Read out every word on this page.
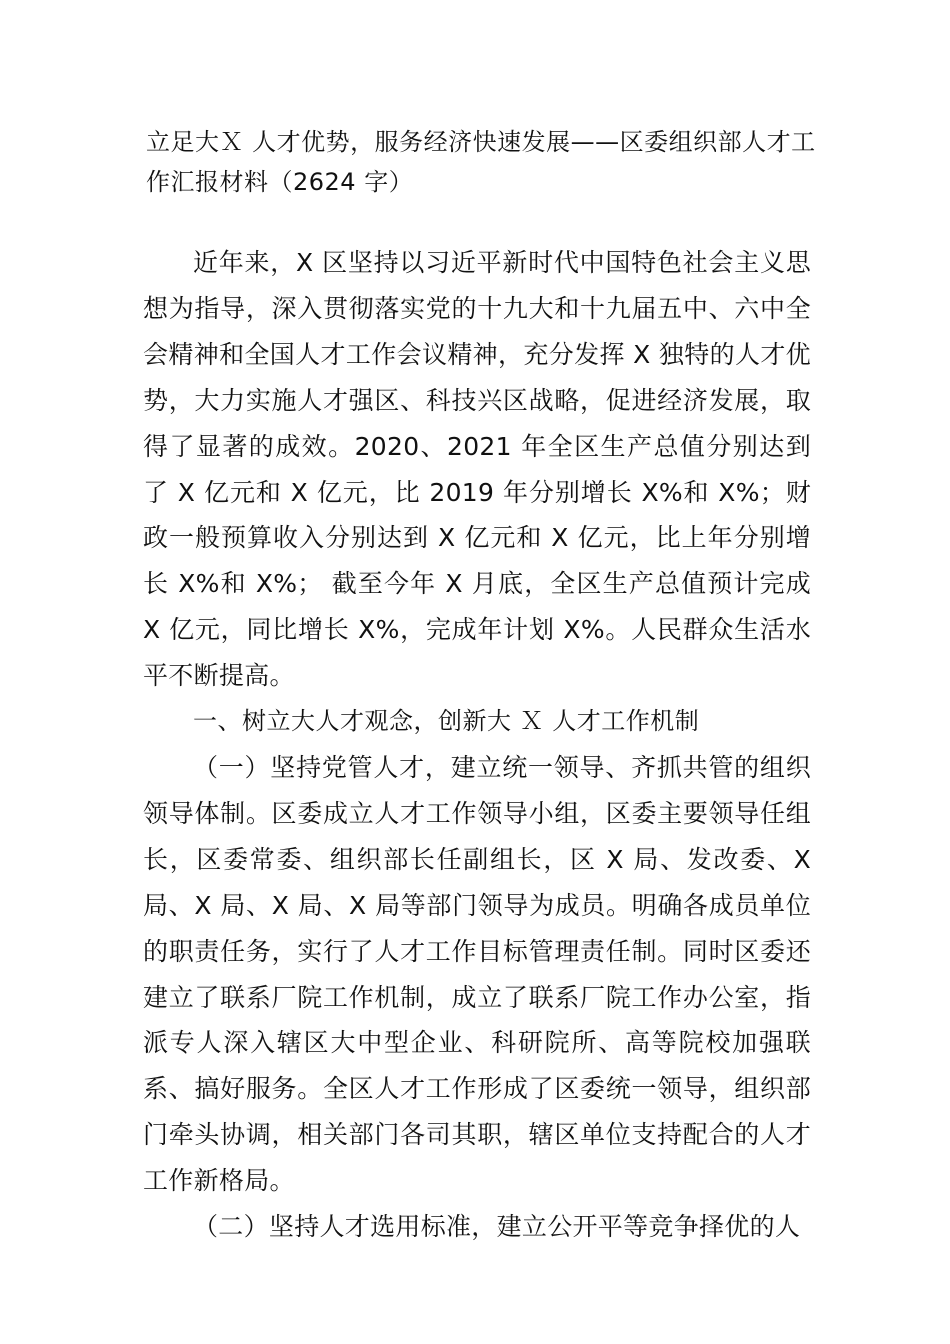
立足大Ｘ 人才优势，服务经济快速发展——区委组织部人才工作汇报材料（2624 字）

近年来，X 区坚持以习近平新时代中国特色社会主义思想为指导，深入贯彻落实党的十九大和十九届五中、六中全会精神和全国人才工作会议精神，充分发挥 X 独特的人才优势，大力实施人才强区、科技兴区战略，促进经济发展，取得了显著的成效。2020、2021 年全区生产总值分别达到了 X 亿元和 X 亿元，比 2019 年分别增长 X%和 X%；财政一般预算收入分别达到 X 亿元和 X 亿元，比上年分别增长 X%和 X%； 截至今年 X 月底，全区生产总值预计完成 X 亿元，同比增长 X%，完成年计划 X%。人民群众生活水平不断提高。

一、树立大人才观念，创新大 Ｘ 人才工作机制

（一）坚持党管人才，建立统一领导、齐抓共管的组织领导体制。区委成立人才工作领导小组，区委主要领导任组长，区委常委、组织部长任副组长，区 X 局、发改委、X 局、X 局、X 局、X 局等部门领导为成员。明确各成员单位的职责任务，实行了人才工作目标管理责任制。同时区委还建立了联系厂院工作机制，成立了联系厂院工作办公室，指派专人深入辖区大中型企业、科研院所、高等院校加强联系、搞好服务。全区人才工作形成了区委统一领导，组织部门牵头协调，相关部门各司其职，辖区单位支持配合的人才工作新格局。

（二）坚持人才选用标准，建立公开平等竞争择优的人
